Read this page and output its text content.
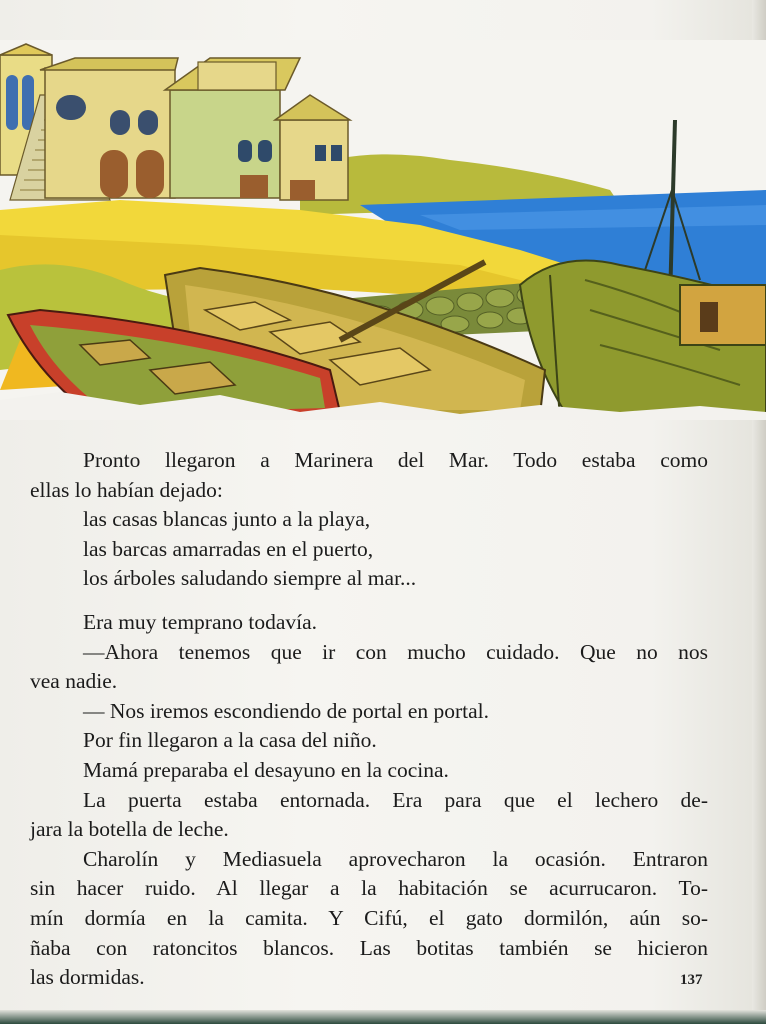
Pronto llegaron a Marinera del Mar. Todo estaba como

ellas lo habían dejado:

las casas blancas junto a la playa,

las barcas amarradas en el puerto,

los árboles saludando siempre al mar...

Era muy temprano todavía.

—Ahora tenemos que ir con mucho cuidado. Que no nos

vea nadie.

— Nos iremos escondiendo de portal en portal.

Por fin llegaron a la casa del niño.

Mamá preparaba el desayuno en la cocina.

La puerta estaba entornada. Era para que el lechero de-

jara la botella de leche.

Charolín y Mediasuela aprovecharon la ocasión. Entraron

sin hacer ruido. Al llegar a la habitación se acurrucaron. To-

mín dormía en la camita. Y Cifú, el gato dormilón, aún so-

ñaba con ratoncitos blancos. Las botitas también se hicieron

las dormidas.	137
